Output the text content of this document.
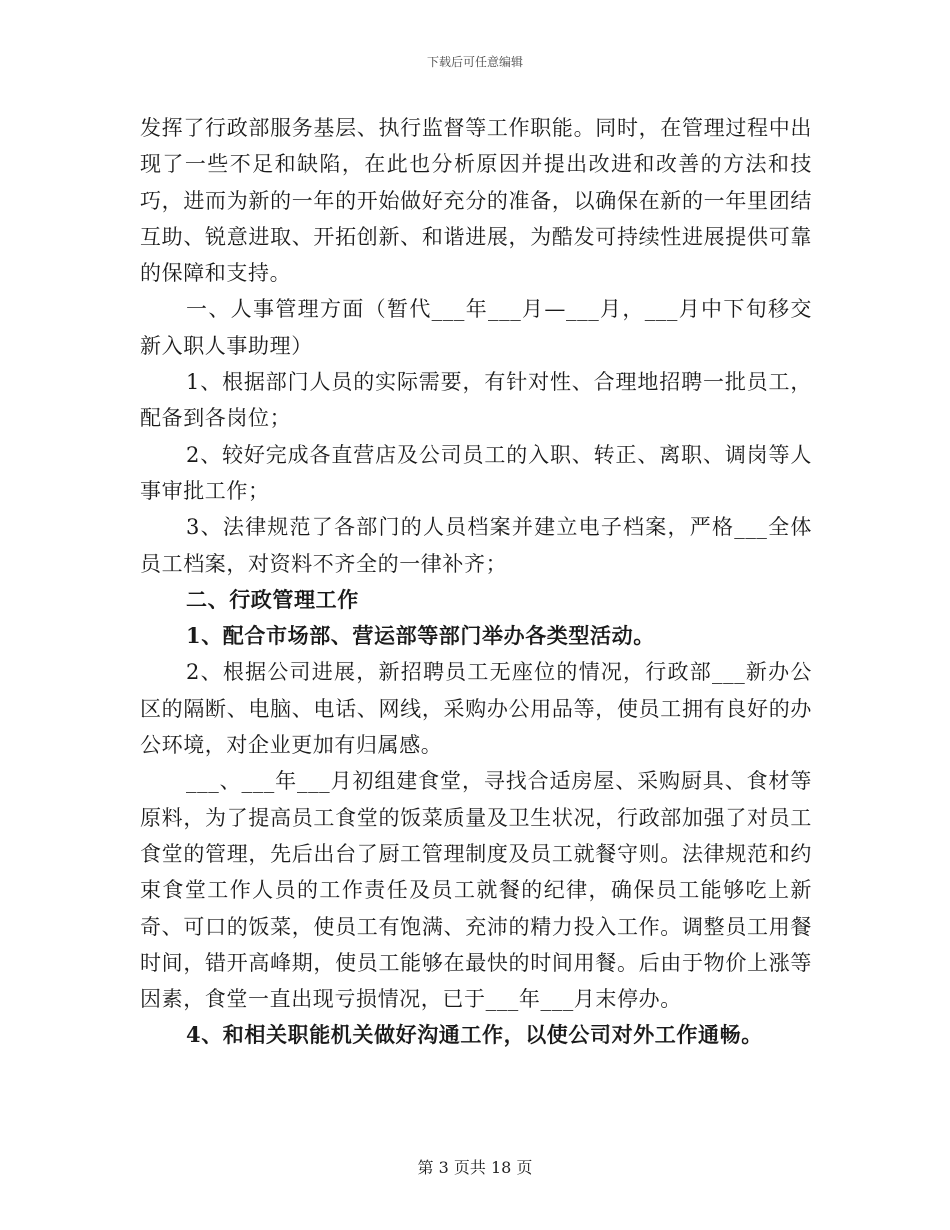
下载后可任意编辑

发挥了行政部服务基层、执行监督等工作职能。同时，在管理过程中出现了一些不足和缺陷，在此也分析原因并提出改进和改善的方法和技巧，进而为新的一年的开始做好充分的准备，以确保在新的一年里团结互助、锐意进取、开拓创新、和谐进展，为酷发可持续性进展提供可靠的保障和支持。

一、人事管理方面（暂代___年___月—___月，___月中下旬移交新入职人事助理）

1、根据部门人员的实际需要，有针对性、合理地招聘一批员工，配备到各岗位；

2、较好完成各直营店及公司员工的入职、转正、离职、调岗等人事审批工作；

3、法律规范了各部门的人员档案并建立电子档案，严格___全体员工档案，对资料不齐全的一律补齐；

二、行政管理工作

1、配合市场部、营运部等部门举办各类型活动。

2、根据公司进展，新招聘员工无座位的情况，行政部___新办公区的隔断、电脑、电话、网线，采购办公用品等，使员工拥有良好的办公环境，对企业更加有归属感。

___、___年___月初组建食堂，寻找合适房屋、采购厨具、食材等原料，为了提高员工食堂的饭菜质量及卫生状况，行政部加强了对员工食堂的管理，先后出台了厨工管理制度及员工就餐守则。法律规范和约束食堂工作人员的工作责任及员工就餐的纪律，确保员工能够吃上新奇、可口的饭菜，使员工有饱满、充沛的精力投入工作。调整员工用餐时间，错开高峰期，使员工能够在最快的时间用餐。后由于物价上涨等因素，食堂一直出现亏损情况，已于___年___月末停办。

4、和相关职能机关做好沟通工作，以使公司对外工作通畅。

第 3 页共 18 页
